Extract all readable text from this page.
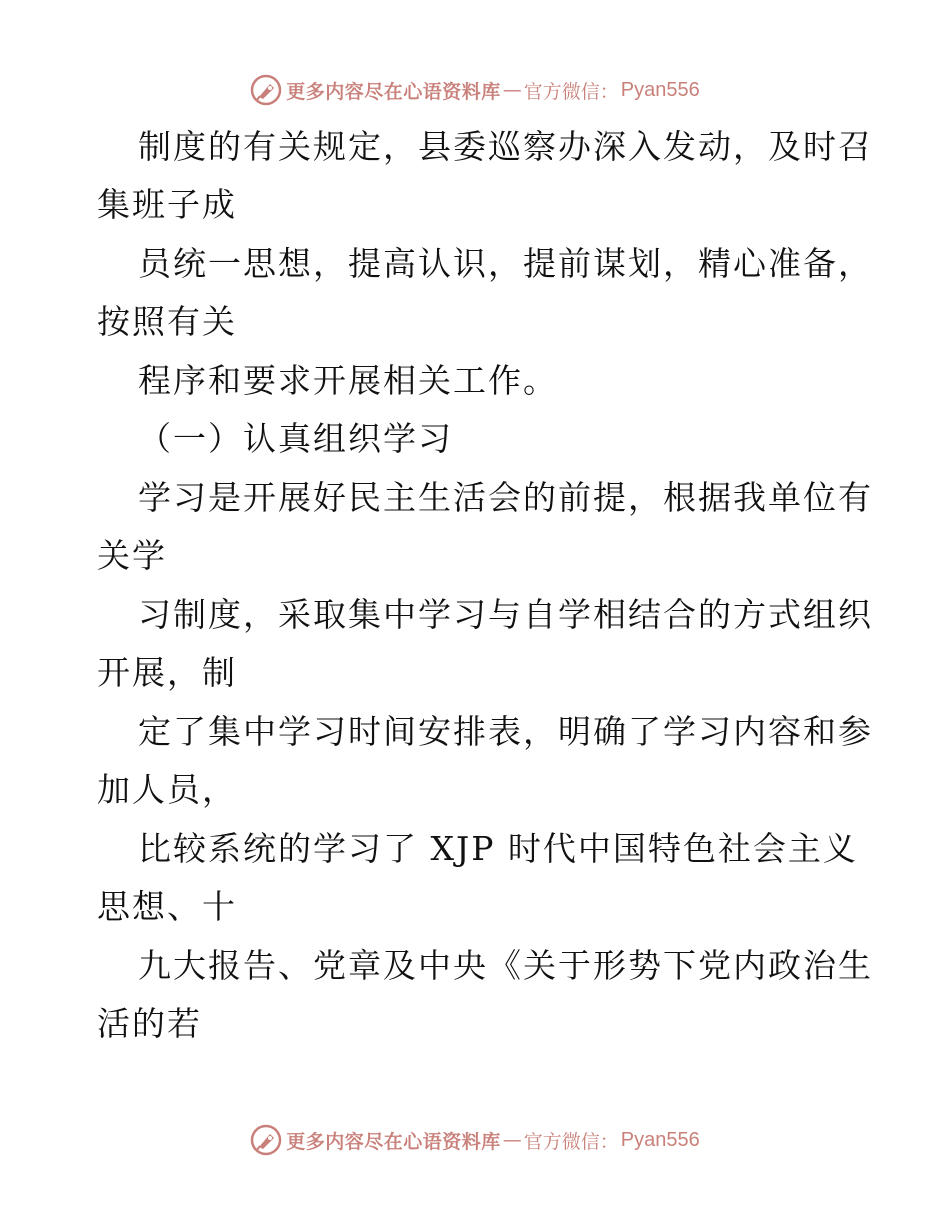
更多内容尽在心语资料库 — 官方微信： Pyan556
制度的有关规定，县委巡察办深入发动，及时召
集班子成
员统一思想，提高认识，提前谋划，精心准备，
按照有关
程序和要求开展相关工作。
（一）认真组织学习
学习是开展好民主生活会的前提，根据我单位有
关学
习制度，采取集中学习与自学相结合的方式组织
开展，制
定了集中学习时间安排表，明确了学习内容和参
加人员，
比较系统的学习了 XJP 时代中国特色社会主义
思想、十
九大报告、党章及中央《关于形势下党内政治生
活的若
更多内容尽在心语资料库 — 官方微信： Pyan556
